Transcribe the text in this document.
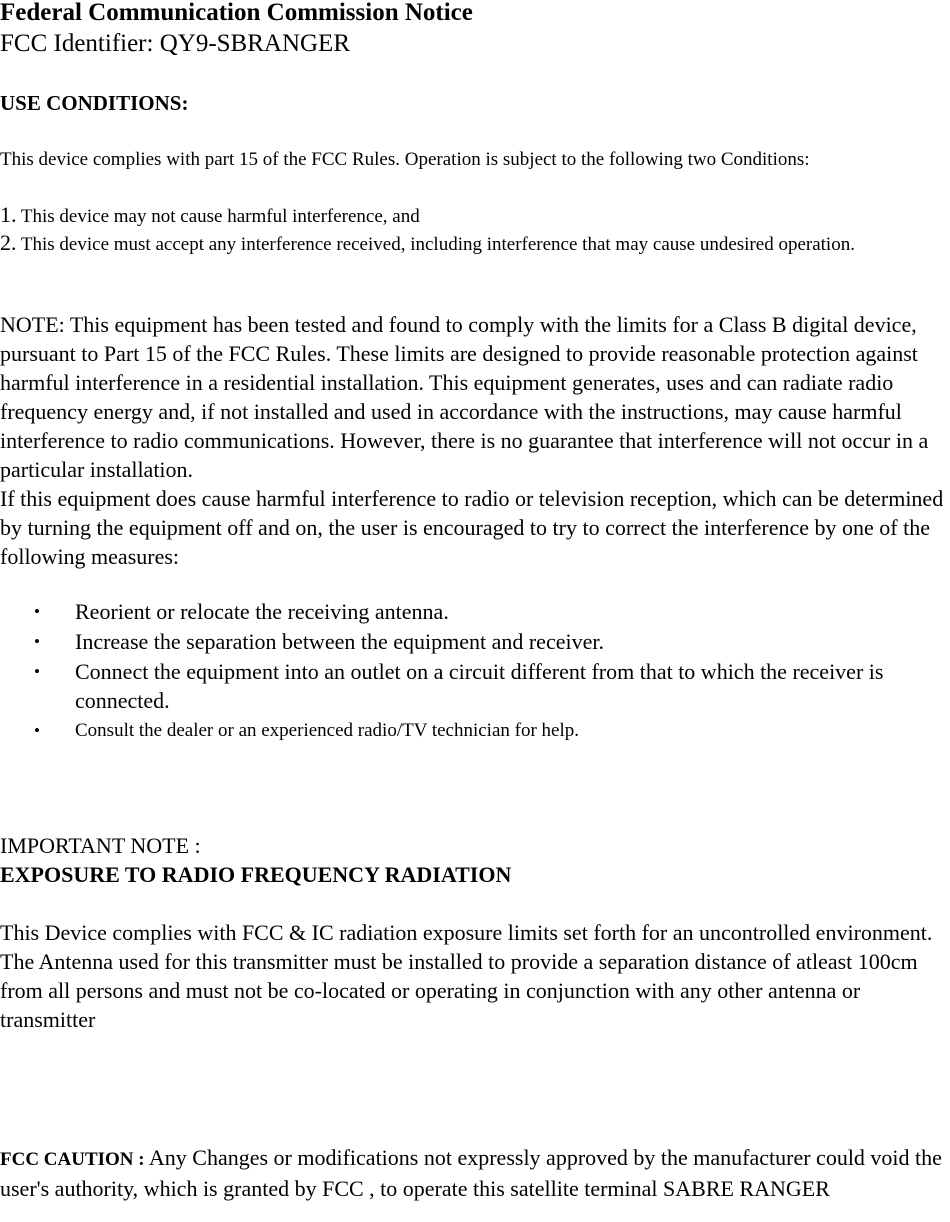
Federal Communication Commission Notice
FCC Identifier: QY9-SBRANGER
USE CONDITIONS:
This device complies with part 15 of the FCC Rules. Operation is subject to the following two Conditions:
1. This device may not cause harmful interference, and
2. This device must accept any interference received, including interference that may cause undesired operation.
NOTE: This equipment has been tested and found to comply with the limits for a Class B digital device, pursuant to Part 15 of the FCC Rules. These limits are designed to provide reasonable protection against harmful interference in a residential installation. This equipment generates, uses and can radiate radio frequency energy and, if not installed and used in accordance with the instructions, may cause harmful interference to radio communications. However, there is no guarantee that interference will not occur in a particular installation.
If this equipment does cause harmful interference to radio or television reception, which can be determined by turning the equipment off and on, the user is encouraged to try to correct the interference by one of the following measures:
• Reorient or relocate the receiving antenna.
• Increase the separation between the equipment and receiver.
• Connect the equipment into an outlet on a circuit different from that to which the receiver is connected.
• Consult the dealer or an experienced radio/TV technician for help.
IMPORTANT NOTE :
EXPOSURE TO RADIO FREQUENCY RADIATION
This Device complies with FCC & IC radiation exposure limits set forth for an uncontrolled environment. The Antenna used for this transmitter must be installed to provide a separation distance of atleast 100cm from all persons and must not be co-located or operating in conjunction with any other antenna or transmitter
FCC CAUTION : Any Changes or modifications not expressly approved by the manufacturer could void the user's authority, which is granted by FCC , to operate this satellite terminal SABRE RANGER
